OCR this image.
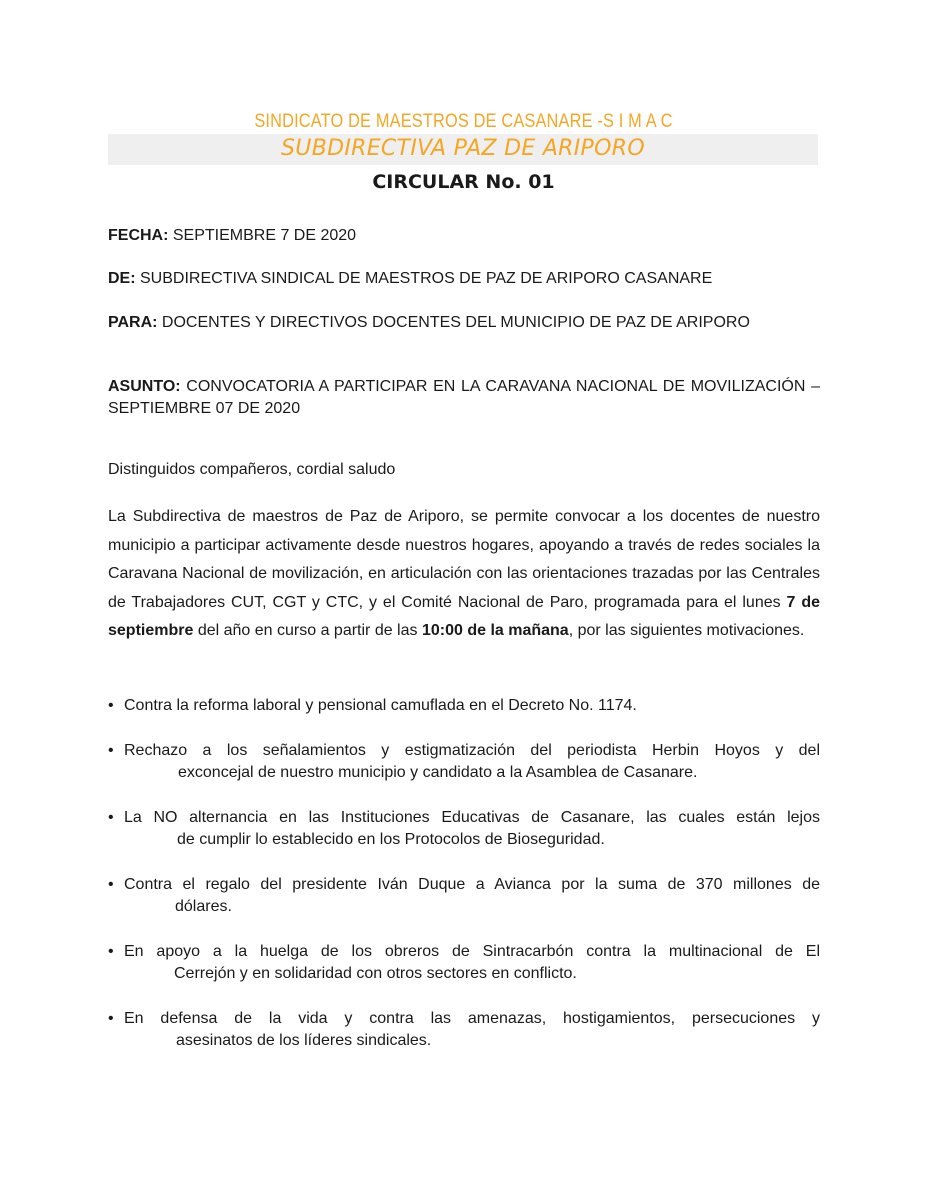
SINDICATO DE MAESTROS DE CASANARE -S I M A C
SUBDIRECTIVA PAZ DE ARIPORO
CIRCULAR No. 01
FECHA: SEPTIEMBRE 7 DE 2020
DE: SUBDIRECTIVA SINDICAL DE MAESTROS DE PAZ DE ARIPORO CASANARE
PARA: DOCENTES Y DIRECTIVOS DOCENTES DEL MUNICIPIO DE PAZ DE ARIPORO
ASUNTO: CONVOCATORIA A PARTICIPAR EN LA CARAVANA NACIONAL DE MOVILIZACIÓN –SEPTIEMBRE 07 DE 2020
Distinguidos compañeros, cordial saludo
La Subdirectiva de maestros de Paz de Ariporo, se permite convocar a los docentes de nuestro municipio a participar activamente desde nuestros hogares, apoyando a través de redes sociales la Caravana Nacional de movilización, en articulación con las orientaciones trazadas por las Centrales de Trabajadores CUT, CGT y CTC, y el Comité Nacional de Paro, programada para el lunes 7 de septiembre del año en curso a partir de las 10:00 de la mañana, por las siguientes motivaciones.
• Contra la reforma laboral y pensional camuflada en el Decreto No. 1174.
• Rechazo a los señalamientos y estigmatización del periodista Herbin Hoyos y del
exconcejal de nuestro municipio y candidato a la Asamblea de Casanare.
• La NO alternancia en las Instituciones Educativas de Casanare, las cuales están lejos
de cumplir lo establecido en los Protocolos de Bioseguridad.
• Contra el regalo del presidente Iván Duque a Avianca por la suma de 370 millones de
dólares.
• En apoyo a la huelga de los obreros de Sintracarbón contra la multinacional de El
Cerrejón y en solidaridad con otros sectores en conflicto.
• En defensa de la vida y contra las amenazas, hostigamientos, persecuciones y
asesinatos de los líderes sindicales.
